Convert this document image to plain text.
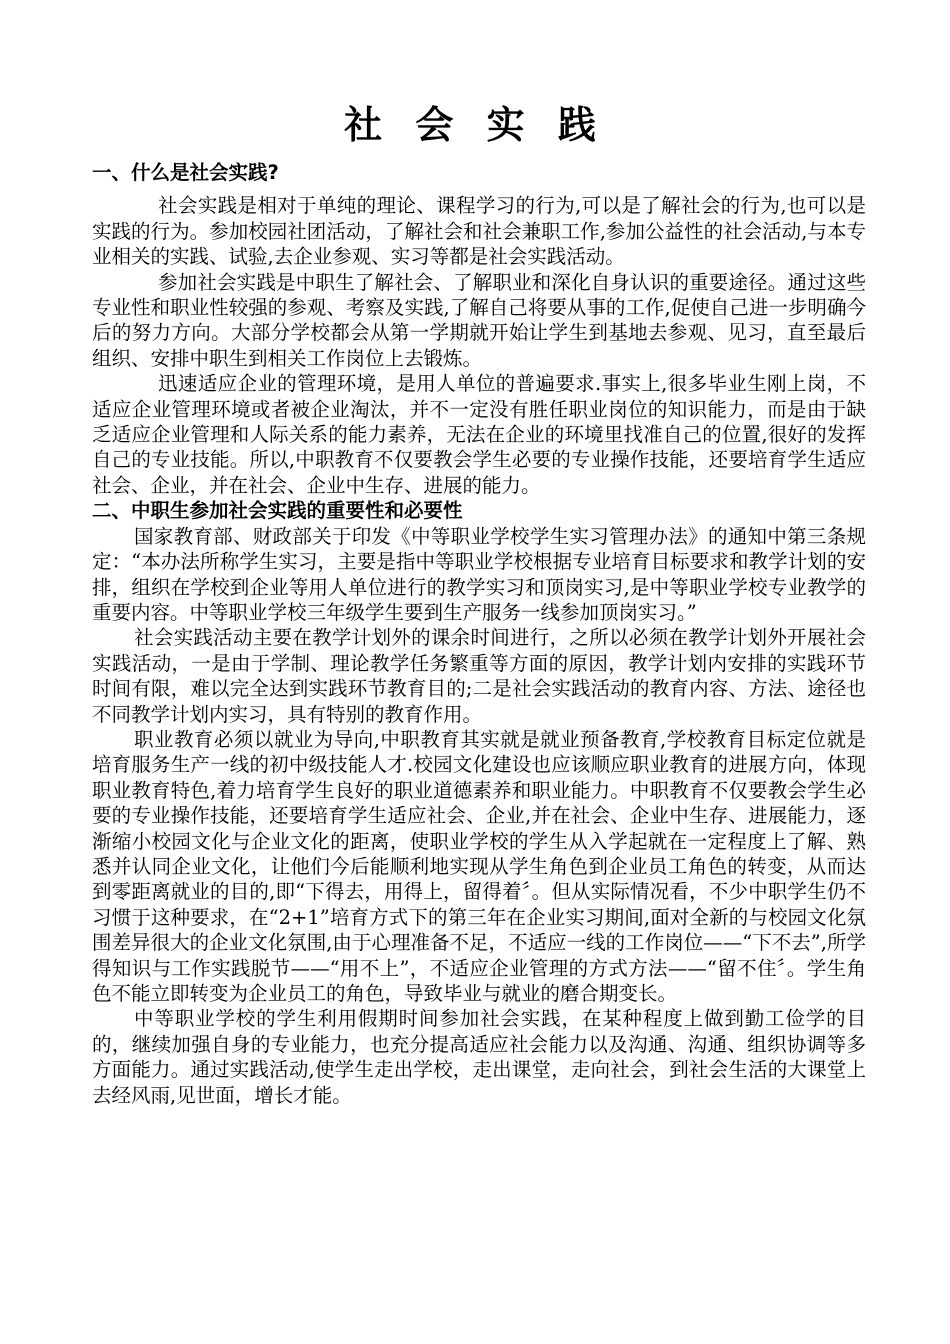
社 会 实 践
一、什么是社会实践?

社会实践是相对于单纯的理论、课程学习的行为,可以是了解社会的行为,也可以是实践的行为。参加校园社团活动，了解社会和社会兼职工作,参加公益性的社会活动,与本专业相关的实践、试验,去企业参观、实习等都是社会实践活动。

参加社会实践是中职生了解社会、了解职业和深化自身认识的重要途径。通过这些专业性和职业性较强的参观、考察及实践,了解自己将要从事的工作,促使自己进一步明确今后的努力方向。大部分学校都会从第一学期就开始让学生到基地去参观、见习，直至最后组织、安排中职生到相关工作岗位上去锻炼。

迅速适应企业的管理环境，是用人单位的普遍要求.事实上,很多毕业生刚上岗，不适应企业管理环境或者被企业淘汰，并不一定没有胜任职业岗位的知识能力，而是由于缺乏适应企业管理和人际关系的能力素养，无法在企业的环境里找准自己的位置,很好的发挥自己的专业技能。所以,中职教育不仅要教会学生必要的专业操作技能，还要培育学生适应社会、企业，并在社会、企业中生存、进展的能力。

二、中职生参加社会实践的重要性和必要性

国家教育部、财政部关于印发《中等职业学校学生实习管理办法》的通知中第三条规定：“本办法所称学生实习，主要是指中等职业学校根据专业培育目标要求和教学计划的安排，组织在学校到企业等用人单位进行的教学实习和顶岗实习,是中等职业学校专业教学的重要内容。中等职业学校三年级学生要到生产服务一线参加顶岗实习。”

社会实践活动主要在教学计划外的课余时间进行，之所以必须在教学计划外开展社会实践活动，一是由于学制、理论教学任务繁重等方面的原因，教学计划内安排的实践环节时间有限，难以完全达到实践环节教育目的;二是社会实践活动的教育内容、方法、途径也不同教学计划内实习，具有特别的教育作用。

职业教育必须以就业为导向,中职教育其实就是就业预备教育,学校教育目标定位就是培育服务生产一线的初中级技能人才.校园文化建设也应该顺应职业教育的进展方向，体现职业教育特色,着力培育学生良好的职业道德素养和职业能力。中职教育不仅要教会学生必要的专业操作技能，还要培育学生适应社会、企业,并在社会、企业中生存、进展能力，逐渐缩小校园文化与企业文化的距离，使职业学校的学生从入学起就在一定程度上了解、熟悉并认同企业文化，让他们今后能顺利地实现从学生角色到企业员工角色的转变，从而达到零距离就业的目的,即“下得去，用得上，留得着〞。但从实际情况看，不少中职学生仍不习惯于这种要求，在“2+1”培育方式下的第三年在企业实习期间,面对全新的与校园文化氛围差异很大的企业文化氛围,由于心理准备不足，不适应一线的工作岗位——“下不去”,所学得知识与工作实践脱节——“用不上”，不适应企业管理的方式方法——“留不住〞。学生角色不能立即转变为企业员工的角色，导致毕业与就业的磨合期变长。

中等职业学校的学生利用假期时间参加社会实践，在某种程度上做到勤工俭学的目的，继续加强自身的专业能力，也充分提高适应社会能力以及沟通、沟通、组织协调等多方面能力。通过实践活动,使学生走出学校，走出课堂，走向社会，到社会生活的大课堂上去经风雨,见世面，增长才能。
